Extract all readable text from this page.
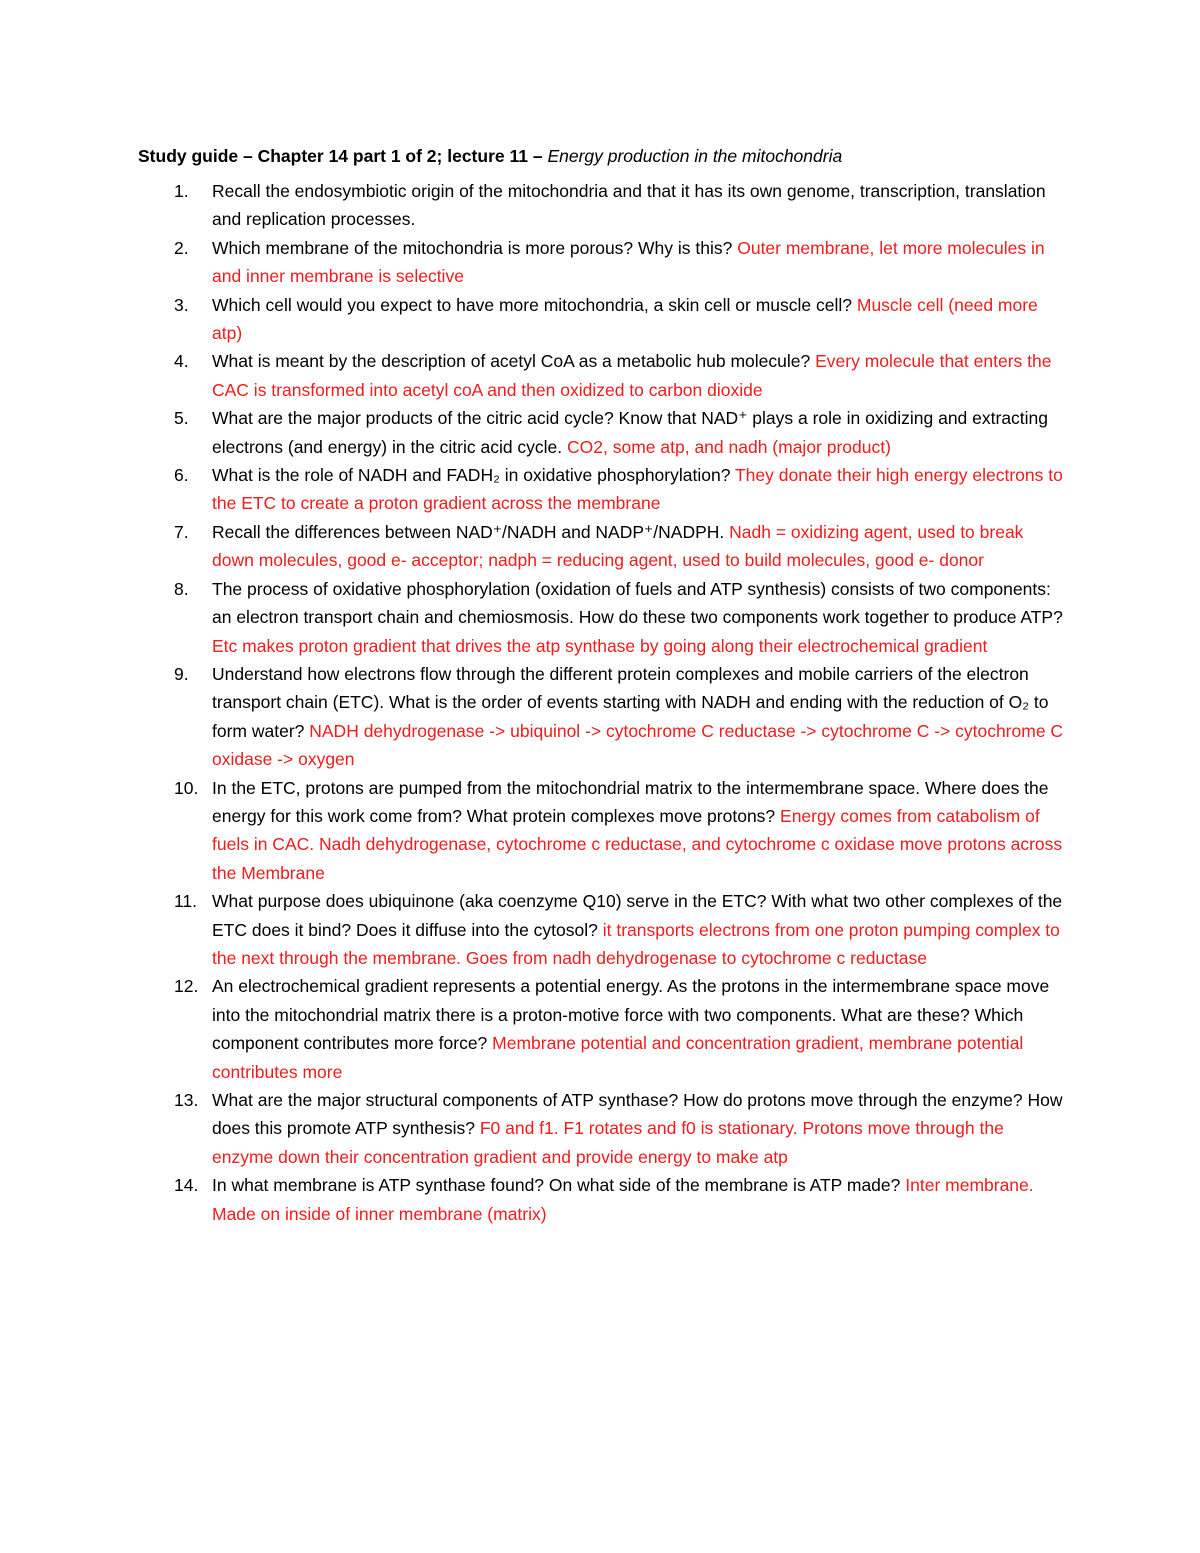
Study guide – Chapter 14 part 1 of 2; lecture 11 – Energy production in the mitochondria

1. Recall the endosymbiotic origin of the mitochondria and that it has its own genome, transcription, translation and replication processes.
2. Which membrane of the mitochondria is more porous? Why is this? Outer membrane, let more molecules in and inner membrane is selective
3. Which cell would you expect to have more mitochondria, a skin cell or muscle cell? Muscle cell (need more atp)
4. What is meant by the description of acetyl CoA as a metabolic hub molecule? Every molecule that enters the CAC is transformed into acetyl coA and then oxidized to carbon dioxide
5. What are the major products of the citric acid cycle? Know that NAD⁺ plays a role in oxidizing and extracting electrons (and energy) in the citric acid cycle. CO2, some atp, and nadh (major product)
6. What is the role of NADH and FADH₂ in oxidative phosphorylation? They donate their high energy electrons to the ETC to create a proton gradient across the membrane
7. Recall the differences between NAD⁺/NADH and NADP⁺/NADPH. Nadh = oxidizing agent, used to break down molecules, good e- acceptor; nadph = reducing agent, used to build molecules, good e- donor
8. The process of oxidative phosphorylation (oxidation of fuels and ATP synthesis) consists of two components: an electron transport chain and chemiosmosis. How do these two components work together to produce ATP? Etc makes proton gradient that drives the atp synthase by going along their electrochemical gradient
9. Understand how electrons flow through the different protein complexes and mobile carriers of the electron transport chain (ETC). What is the order of events starting with NADH and ending with the reduction of O₂ to form water? NADH dehydrogenase -> ubiquinol -> cytochrome C reductase -> cytochrome C -> cytochrome C oxidase -> oxygen
10. In the ETC, protons are pumped from the mitochondrial matrix to the intermembrane space. Where does the energy for this work come from? What protein complexes move protons? Energy comes from catabolism of fuels in CAC. Nadh dehydrogenase, cytochrome c reductase, and cytochrome c oxidase move protons across the Membrane
11. What purpose does ubiquinone (aka coenzyme Q10) serve in the ETC? With what two other complexes of the ETC does it bind? Does it diffuse into the cytosol? it transports electrons from one proton pumping complex to the next through the membrane. Goes from nadh dehydrogenase to cytochrome c reductase
12. An electrochemical gradient represents a potential energy. As the protons in the intermembrane space move into the mitochondrial matrix there is a proton-motive force with two components. What are these? Which component contributes more force? Membrane potential and concentration gradient, membrane potential contributes more
13. What are the major structural components of ATP synthase? How do protons move through the enzyme? How does this promote ATP synthesis? F0 and f1. F1 rotates and f0 is stationary. Protons move through the enzyme down their concentration gradient and provide energy to make atp
14. In what membrane is ATP synthase found? On what side of the membrane is ATP made? Inter membrane. Made on inside of inner membrane (matrix)
